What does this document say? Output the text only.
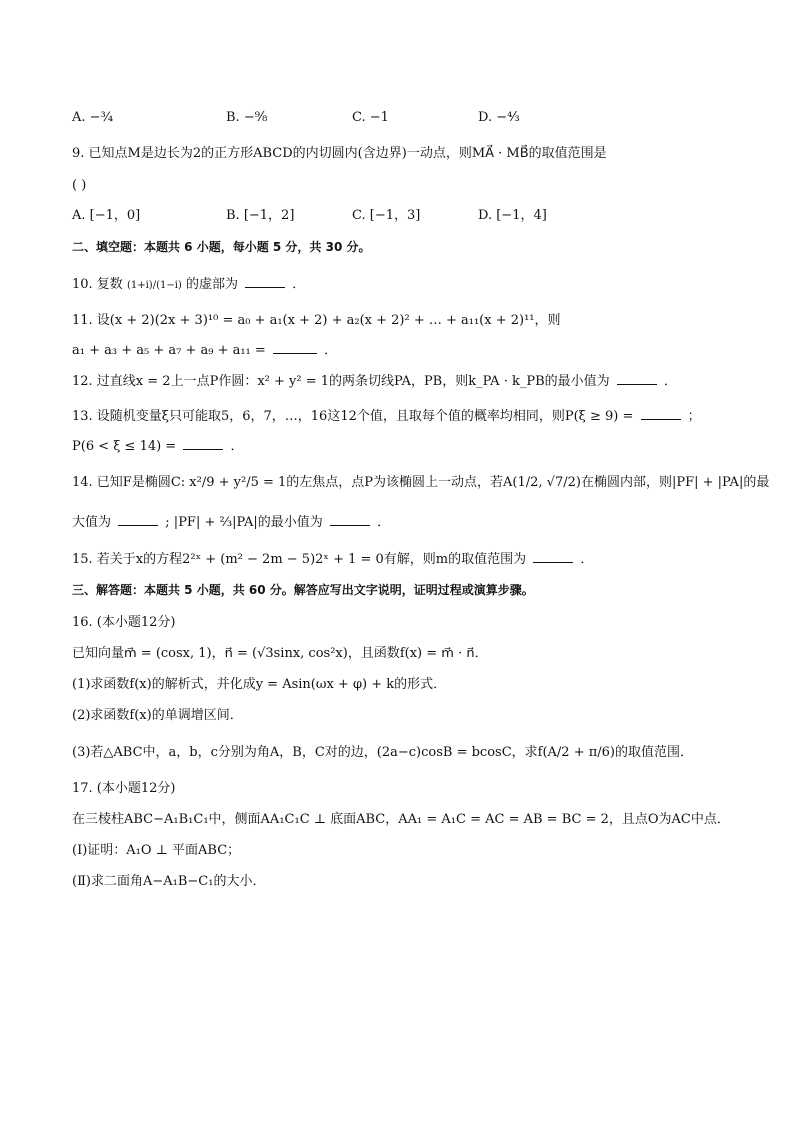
A. −¾	B. −⁹⁄₈	C. −1	D. −⁴⁄₃
9. 已知点M是边长为2的正方形ABCD的内切圆内(含边界)一动点，则MA⃗ · MB⃗的取值范围是
( )
A. [−1，0]	B. [−1，2]	C. [−1，3]	D. [−1，4]
二、填空题：本题共 6 小题，每小题 5 分，共 30 分。
10. 复数 (1+i)/(1−i) 的虚部为	．
11. 设(x + 2)(2x + 3)¹⁰ = a₀ + a₁(x + 2) + a₂(x + 2)² + … + a₁₁(x + 2)¹¹，则
a₁ + a₃ + a₅ + a₇ + a₉ + a₁₁ =	．
12. 过直线x = 2上一点P作圆：x² + y² = 1的两条切线PA，PB，则k_PA · k_PB的最小值为	．
13. 设随机变量ξ只可能取5，6，7，…，16这12个值，且取每个值的概率均相同，则P(ξ ≥ 9) =	；
P(6 < ξ ≤ 14) =	．
14. 已知F是椭圆C: x²/9 + y²/5 = 1的左焦点，点P为该椭圆上一动点，若A(1/2, √7/2)在椭圆内部，则|PF| + |PA|的最
大值为	; |PF| + ⅔|PA|的最小值为	．
15. 若关于x的方程2²ˣ + (m² − 2m − 5)2ˣ + 1 = 0有解，则m的取值范围为	．
三、解答题：本题共 5 小题，共 60 分。解答应写出文字说明，证明过程或演算步骤。
16. (本小题12分)
已知向量m⃗ = (cosx, 1)，n⃗ = (√3sinx, cos²x)，且函数f(x) = m⃗ · n⃗．
(1)求函数f(x)的解析式，并化成y = Asin(ωx + φ) + k的形式．
(2)求函数f(x)的单调增区间．
(3)若△ABC中，a，b，c分别为角A，B，C对的边，(2a−c)cosB = bcosC，求f(A/2 + π/6)的取值范围．
17. (本小题12分)
在三棱柱ABC−A₁B₁C₁中，侧面AA₁C₁C ⊥ 底面ABC，AA₁ = A₁C = AC = AB = BC = 2，且点O为AC中点．
(Ⅰ)证明：A₁O ⊥ 平面ABC；
(Ⅱ)求二面角A−A₁B−C₁的大小．
